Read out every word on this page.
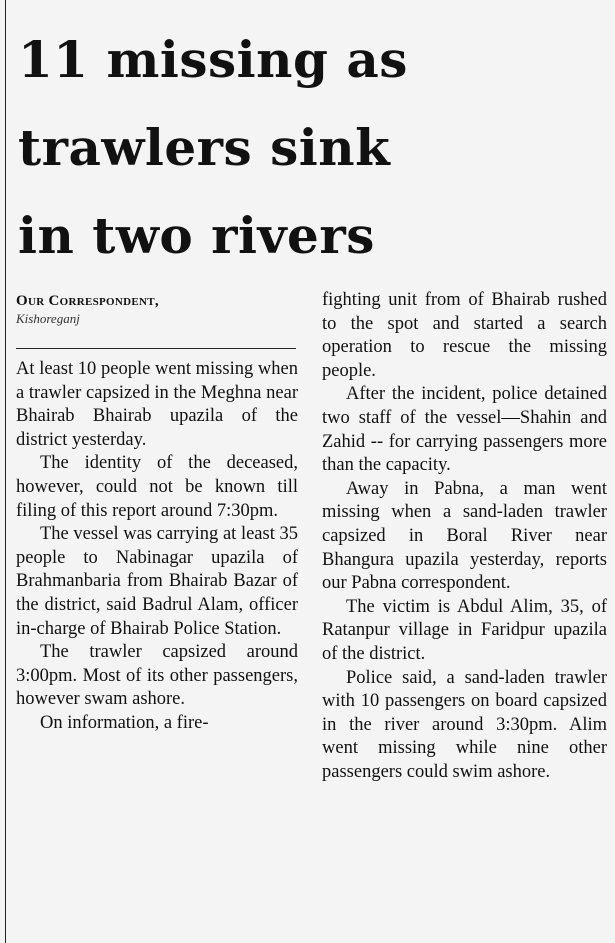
11 missing as
trawlers sink
in two rivers
Our Correspondent,
Kishoreganj

At least 10 people went missing when a trawler capsized in the Meghna near Bhairab Bhairab upazila of the district yesterday.

The identity of the deceased, however, could not be known till filing of this report around 7:30pm.

The vessel was carrying at least 35 people to Nabinagar upazila of Brahmanbaria from Bhairab Bazar of the district, said Badrul Alam, officer in-charge of Bhairab Police Station.

The trawler capsized around 3:00pm. Most of its other passengers, however swam ashore.

On information, a fire-

fighting unit from of Bhairab rushed to the spot and started a search operation to rescue the missing people.

After the incident, police detained two staff of the vessel—Shahin and Zahid -- for carrying passengers more than the capacity.

Away in Pabna, a man went missing when a sand-laden trawler capsized in Boral River near Bhangura upazila yesterday, reports our Pabna correspondent.

The victim is Abdul Alim, 35, of Ratanpur village in Faridpur upazila of the district.

Police said, a sand-laden trawler with 10 passengers on board capsized in the river around 3:30pm. Alim went missing while nine other passengers could swim ashore.
